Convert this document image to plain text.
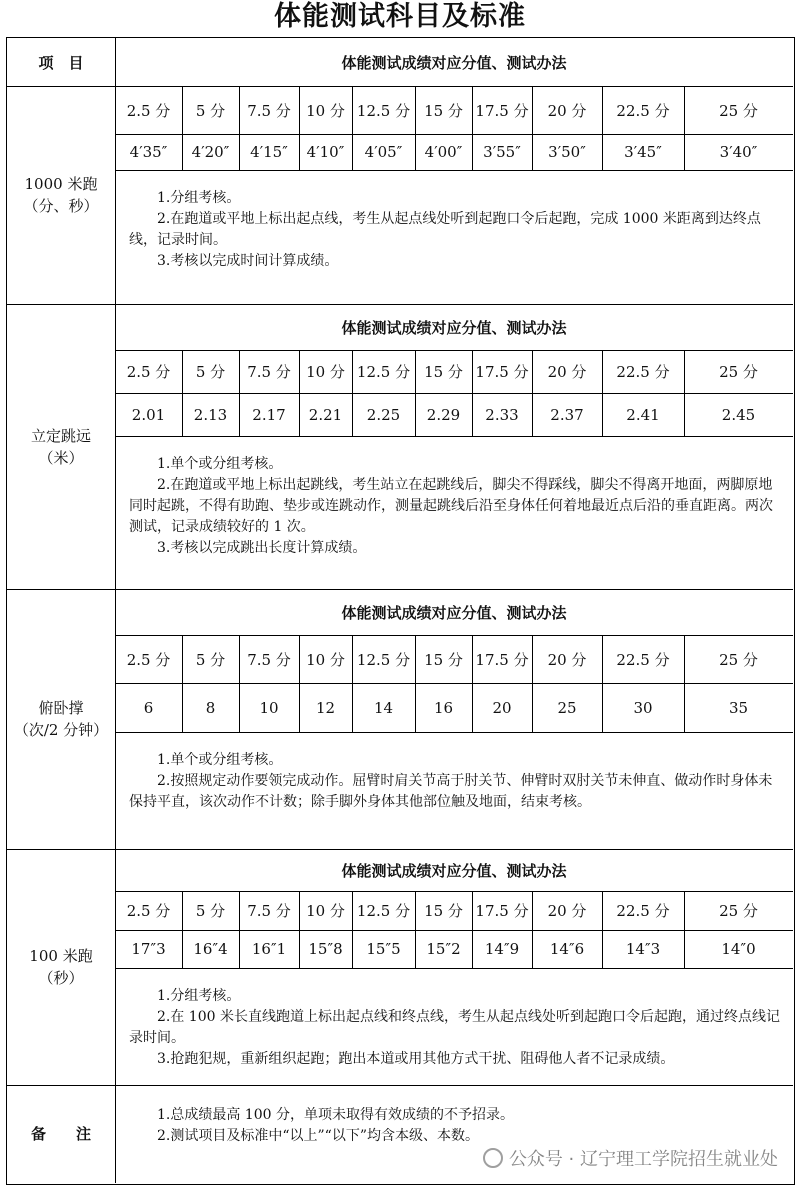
体能测试科目及标准
项　目	体能测试成绩对应分值、测试办法
1000 米跑
（分、秒）
2.5 分
4′35″
5 分
4′20″
7.5 分
4′15″
10 分
4′10″
12.5 分
4′05″
15 分
4′00″
17.5 分
3′55″
20 分
3′50″
22.5 分
3′45″
25 分
3′40″

1.分组考核。

2.在跑道或平地上标出起点线，考生从起点线处听到起跑口令后起跑，完成 1000 米距离到达终点线，记录时间。

3.考核以完成时间计算成绩。

立定跳远
（米）
体能测试成绩对应分值、测试办法
2.5 分
2.01
5 分
2.13
7.5 分
2.17
10 分
2.21
12.5 分
2.25
15 分
2.29
17.5 分
2.33
20 分
2.37
22.5 分
2.41
25 分
2.45

1.单个或分组考核。

2.在跑道或平地上标出起跳线，考生站立在起跳线后，脚尖不得踩线，脚尖不得离开地面，两脚原地同时起跳，不得有助跑、垫步或连跳动作，测量起跳线后沿至身体任何着地最近点后沿的垂直距离。两次测试，记录成绩较好的 1 次。

3.考核以完成跳出长度计算成绩。

俯卧撑
（次/2 分钟）
体能测试成绩对应分值、测试办法
2.5 分
6
5 分
8
7.5 分
10
10 分
12
12.5 分
14
15 分
16
17.5 分
20
20 分
25
22.5 分
30
25 分
35

1.单个或分组考核。

2.按照规定动作要领完成动作。屈臂时肩关节高于肘关节、伸臂时双肘关节未伸直、做动作时身体未保持平直，该次动作不计数；除手脚外身体其他部位触及地面，结束考核。

100 米跑
（秒）
体能测试成绩对应分值、测试办法
2.5 分
17″3
5 分
16″4
7.5 分
16″1
10 分
15″8
12.5 分
15″5
15 分
15″2
17.5 分
14″9
20 分
14″6
22.5 分
14″3
25 分
14″0

1.分组考核。

2.在 100 米长直线跑道上标出起点线和终点线，考生从起点线处听到起跑口令后起跑，通过终点线记录时间。

3.抢跑犯规，重新组织起跑；跑出本道或用其他方式干扰、阻碍他人者不记录成绩。

备　　注

1.总成绩最高 100 分，单项未取得有效成绩的不予招录。

2.测试项目及标准中“以上”“以下”均含本级、本数。

公众号 · 辽宁理工学院招生就业处
